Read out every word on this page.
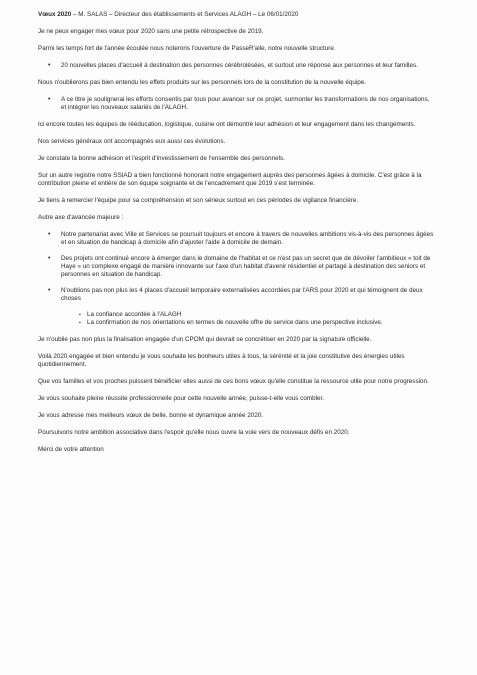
Vœux 2020 – M. SALAS – Directeur des établissements et Services ALAGH – Le 06/01/2020

Je ne peux engager mes vœux pour 2020 sans une petite rétrospective de 2019.

Parmi les temps fort de l'année écoulée nous noterons l'ouverture de PasseR'aile, notre nouvelle structure.

• 20 nouvelles places d'accueil à destination des personnes cérébrolésées, et surtout une réponse aux personnes et leur familles.

Nous n'oublierons pas bien entendu les effets produits sur les personnels lors de la constitution de la nouvelle équipe.

• A ce titre je soulignerai les efforts consentis par tous pour avancer sur ce projet, surmonter les transformations de nos organisations, et intégrer les nouveaux salariés de l'ALAGH.

Ici encore toutes les équipes de rééducation, logistique, cuisine ont démontré leur adhésion et leur engagement dans les changements.

Nos services généraux ont accompagnés eux aussi ces évolutions.

Je constate la bonne adhésion et l'esprit d'investissement de l'ensemble des personnels.

Sur un autre registre notre SSIAD a bien fonctionné honorant notre engagement auprès des personnes âgées à domicile. C'est grâce à la contribution pleine et entière de son équipe soignante et de l'encadrement que 2019 s'est terminée.

Je tiens à remercier l'équipe pour sa compréhension et son sérieux surtout en ces périodes de vigilance financière.

Autre axe d'avancée majeure :

• Notre partenariat avec Ville et Services se poursuit toujours et encore à travers de nouvelles ambitions vis-à-vis des personnes âgées et en situation de handicap à domicile afin d'ajuster l'aide à domicile de demain.
• Des projets ont continué encore à émerger dans le domaine de l'habitat et ce n'est pas un secret que de dévoiler l'ambitieux « toit de Haye » un complexe engagé de manière innovante sur l'axe d'un habitat d'avenir résidentiel et partagé à destination des seniors et personnes en situation de handicap.
• N'oublions pas non plus les 4 places d'accueil temporaire externalisées accordées par l'ARS pour 2020 et qui témoignent de deux choses
▪ La confiance accordée à l'ALAGH
▪ La confirmation de nos orientations en termes de nouvelle offre de service dans une perspective inclusive.

Je n'oublie pas non plus la finalisation engagée d'un CPOM qui devrait se concrétiser en 2020 par la signature officielle.

Voilà 2020 engagée et bien entendu je vous souhaite les bonheurs utiles à tous, la sérénité et la joie constitutive des énergies utiles quotidiennement.

Que vos familles et vos proches puissent bénéficier elles aussi de ces bons vœux qu'elle constitue la ressource utile pour notre progression.

Je vous souhaite pleine réussite professionnelle pour cette nouvelle année, puisse-t-elle vous combler.

Je vous adresse mes meilleurs vœux de belle, bonne et dynamique année 2020.

Poursuivons notre ambition associative dans l'espoir qu'elle nous ouvre la voie vers de nouveaux défis en 2020.

Merci de votre attention
